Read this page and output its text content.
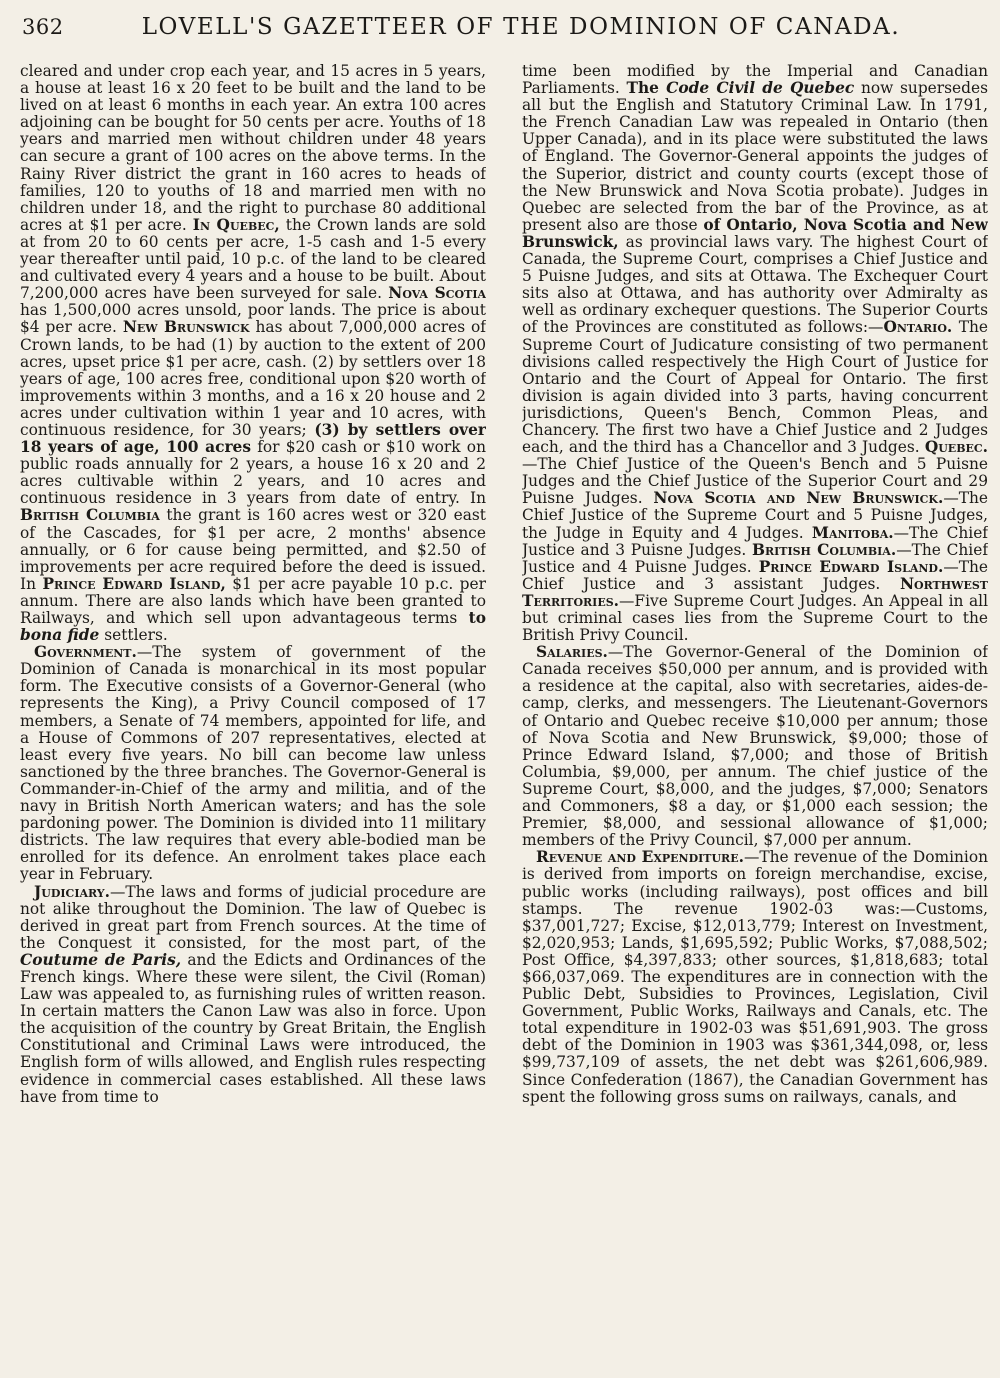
362	LOVELL'S GAZETTEER OF THE DOMINION OF CANADA.

cleared and under crop each year, and 15 acres in 5 years, a house at least 16 x 20 feet to be built and the land to be lived on at least 6 months in each year. An extra 100 acres adjoining can be bought for 50 cents per acre. Youths of 18 years and married men without children under 48 years can secure a grant of 100 acres on the above terms. In the Rainy River district the grant in 160 acres to heads of families, 120 to youths of 18 and married men with no children under 18, and the right to purchase 80 additional acres at $1 per acre. In Quebec, the Crown lands are sold at from 20 to 60 cents per acre, 1-5 cash and 1-5 every year thereafter until paid, 10 p.c. of the land to be cleared and cultivated every 4 years and a house to be built. About 7,200,000 acres have been surveyed for sale. Nova Scotia has 1,500,000 acres unsold, poor lands. The price is about $4 per acre. New Brunswick has about 7,000,000 acres of Crown lands, to be had (1) by auction to the extent of 200 acres, upset price $1 per acre, cash. (2) by settlers over 18 years of age, 100 acres free, conditional upon $20 worth of improvements within 3 months, and a 16 x 20 house and 2 acres under cultivation within 1 year and 10 acres, with continuous residence, for 30 years; (3) by settlers over 18 years of age, 100 acres for $20 cash or $10 work on public roads annually for 2 years, a house 16 x 20 and 2 acres cultivable within 2 years, and 10 acres and continuous residence in 3 years from date of entry. In British Columbia the grant is 160 acres west or 320 east of the Cascades, for $1 per acre, 2 months' absence annually, or 6 for cause being permitted, and $2.50 of improvements per acre required before the deed is issued. In Prince Edward Island, $1 per acre payable 10 p.c. per annum. There are also lands which have been granted to Railways, and which sell upon advantageous terms to bona fide settlers.

Government.—The system of government of the Dominion of Canada is monarchical in its most popular form. The Executive consists of a Governor-General (who represents the King), a Privy Council composed of 17 members, a Senate of 74 members, appointed for life, and a House of Commons of 207 representatives, elected at least every five years. No bill can become law unless sanctioned by the three branches. The Governor-General is Commander-in-Chief of the army and militia, and of the navy in British North American waters; and has the sole pardoning power. The Dominion is divided into 11 military districts. The law requires that every able-bodied man be enrolled for its defence. An enrolment takes place each year in February.

Judiciary.—The laws and forms of judicial procedure are not alike throughout the Dominion. The law of Quebec is derived in great part from French sources. At the time of the Conquest it consisted, for the most part, of the Coutume de Paris, and the Edicts and Ordinances of the French kings. Where these were silent, the Civil (Roman) Law was appealed to, as furnishing rules of written reason. In certain matters the Canon Law was also in force. Upon the acquisition of the country by Great Britain, the English Constitutional and Criminal Laws were introduced, the English form of wills allowed, and English rules respecting evidence in commercial cases established. All these laws have from time to

time been modified by the Imperial and Canadian Parliaments. The Code Civil de Quebec now supersedes all but the English and Statutory Criminal Law. In 1791, the French Canadian Law was repealed in Ontario (then Upper Canada), and in its place were substituted the laws of England. The Governor-General appoints the judges of the Superior, district and county courts (except those of the New Brunswick and Nova Scotia probate). Judges in Quebec are selected from the bar of the Province, as at present also are those of Ontario, Nova Scotia and New Brunswick, as provincial laws vary. The highest Court of Canada, the Supreme Court, comprises a Chief Justice and 5 Puisne Judges, and sits at Ottawa. The Exchequer Court sits also at Ottawa, and has authority over Admiralty as well as ordinary exchequer questions. The Superior Courts of the Provinces are constituted as follows:—Ontario. The Supreme Court of Judicature consisting of two permanent divisions called respectively the High Court of Justice for Ontario and the Court of Appeal for Ontario. The first division is again divided into 3 parts, having concurrent jurisdictions, Queen's Bench, Common Pleas, and Chancery. The first two have a Chief Justice and 2 Judges each, and the third has a Chancellor and 3 Judges. Quebec.—The Chief Justice of the Queen's Bench and 5 Puisne Judges and the Chief Justice of the Superior Court and 29 Puisne Judges. Nova Scotia and New Brunswick.—The Chief Justice of the Supreme Court and 5 Puisne Judges, the Judge in Equity and 4 Judges. Manitoba.—The Chief Justice and 3 Puisne Judges. British Columbia.—The Chief Justice and 4 Puisne Judges. Prince Edward Island.—The Chief Justice and 3 assistant Judges. Northwest Territories.—Five Supreme Court Judges. An Appeal in all but criminal cases lies from the Supreme Court to the British Privy Council.

Salaries.—The Governor-General of the Dominion of Canada receives $50,000 per annum, and is provided with a residence at the capital, also with secretaries, aides-de-camp, clerks, and messengers. The Lieutenant-Governors of Ontario and Quebec receive $10,000 per annum; those of Nova Scotia and New Brunswick, $9,000; those of Prince Edward Island, $7,000; and those of British Columbia, $9,000, per annum. The chief justice of the Supreme Court, $8,000, and the judges, $7,000; Senators and Commoners, $8 a day, or $1,000 each session; the Premier, $8,000, and sessional allowance of $1,000; members of the Privy Council, $7,000 per annum.

Revenue and Expenditure.—The revenue of the Dominion is derived from imports on foreign merchandise, excise, public works (including railways), post offices and bill stamps. The revenue 1902-03 was:—Customs, $37,001,727; Excise, $12,013,779; Interest on Investment, $2,020,953; Lands, $1,695,592; Public Works, $7,088,502; Post Office, $4,397,833; other sources, $1,818,683; total $66,037,069. The expenditures are in connection with the Public Debt, Subsidies to Provinces, Legislation, Civil Government, Public Works, Railways and Canals, etc. The total expenditure in 1902-03 was $51,691,903. The gross debt of the Dominion in 1903 was $361,344,098, or, less $99,737,109 of assets, the net debt was $261,606,989. Since Confederation (1867), the Canadian Government has spent the following gross sums on railways, canals, and
